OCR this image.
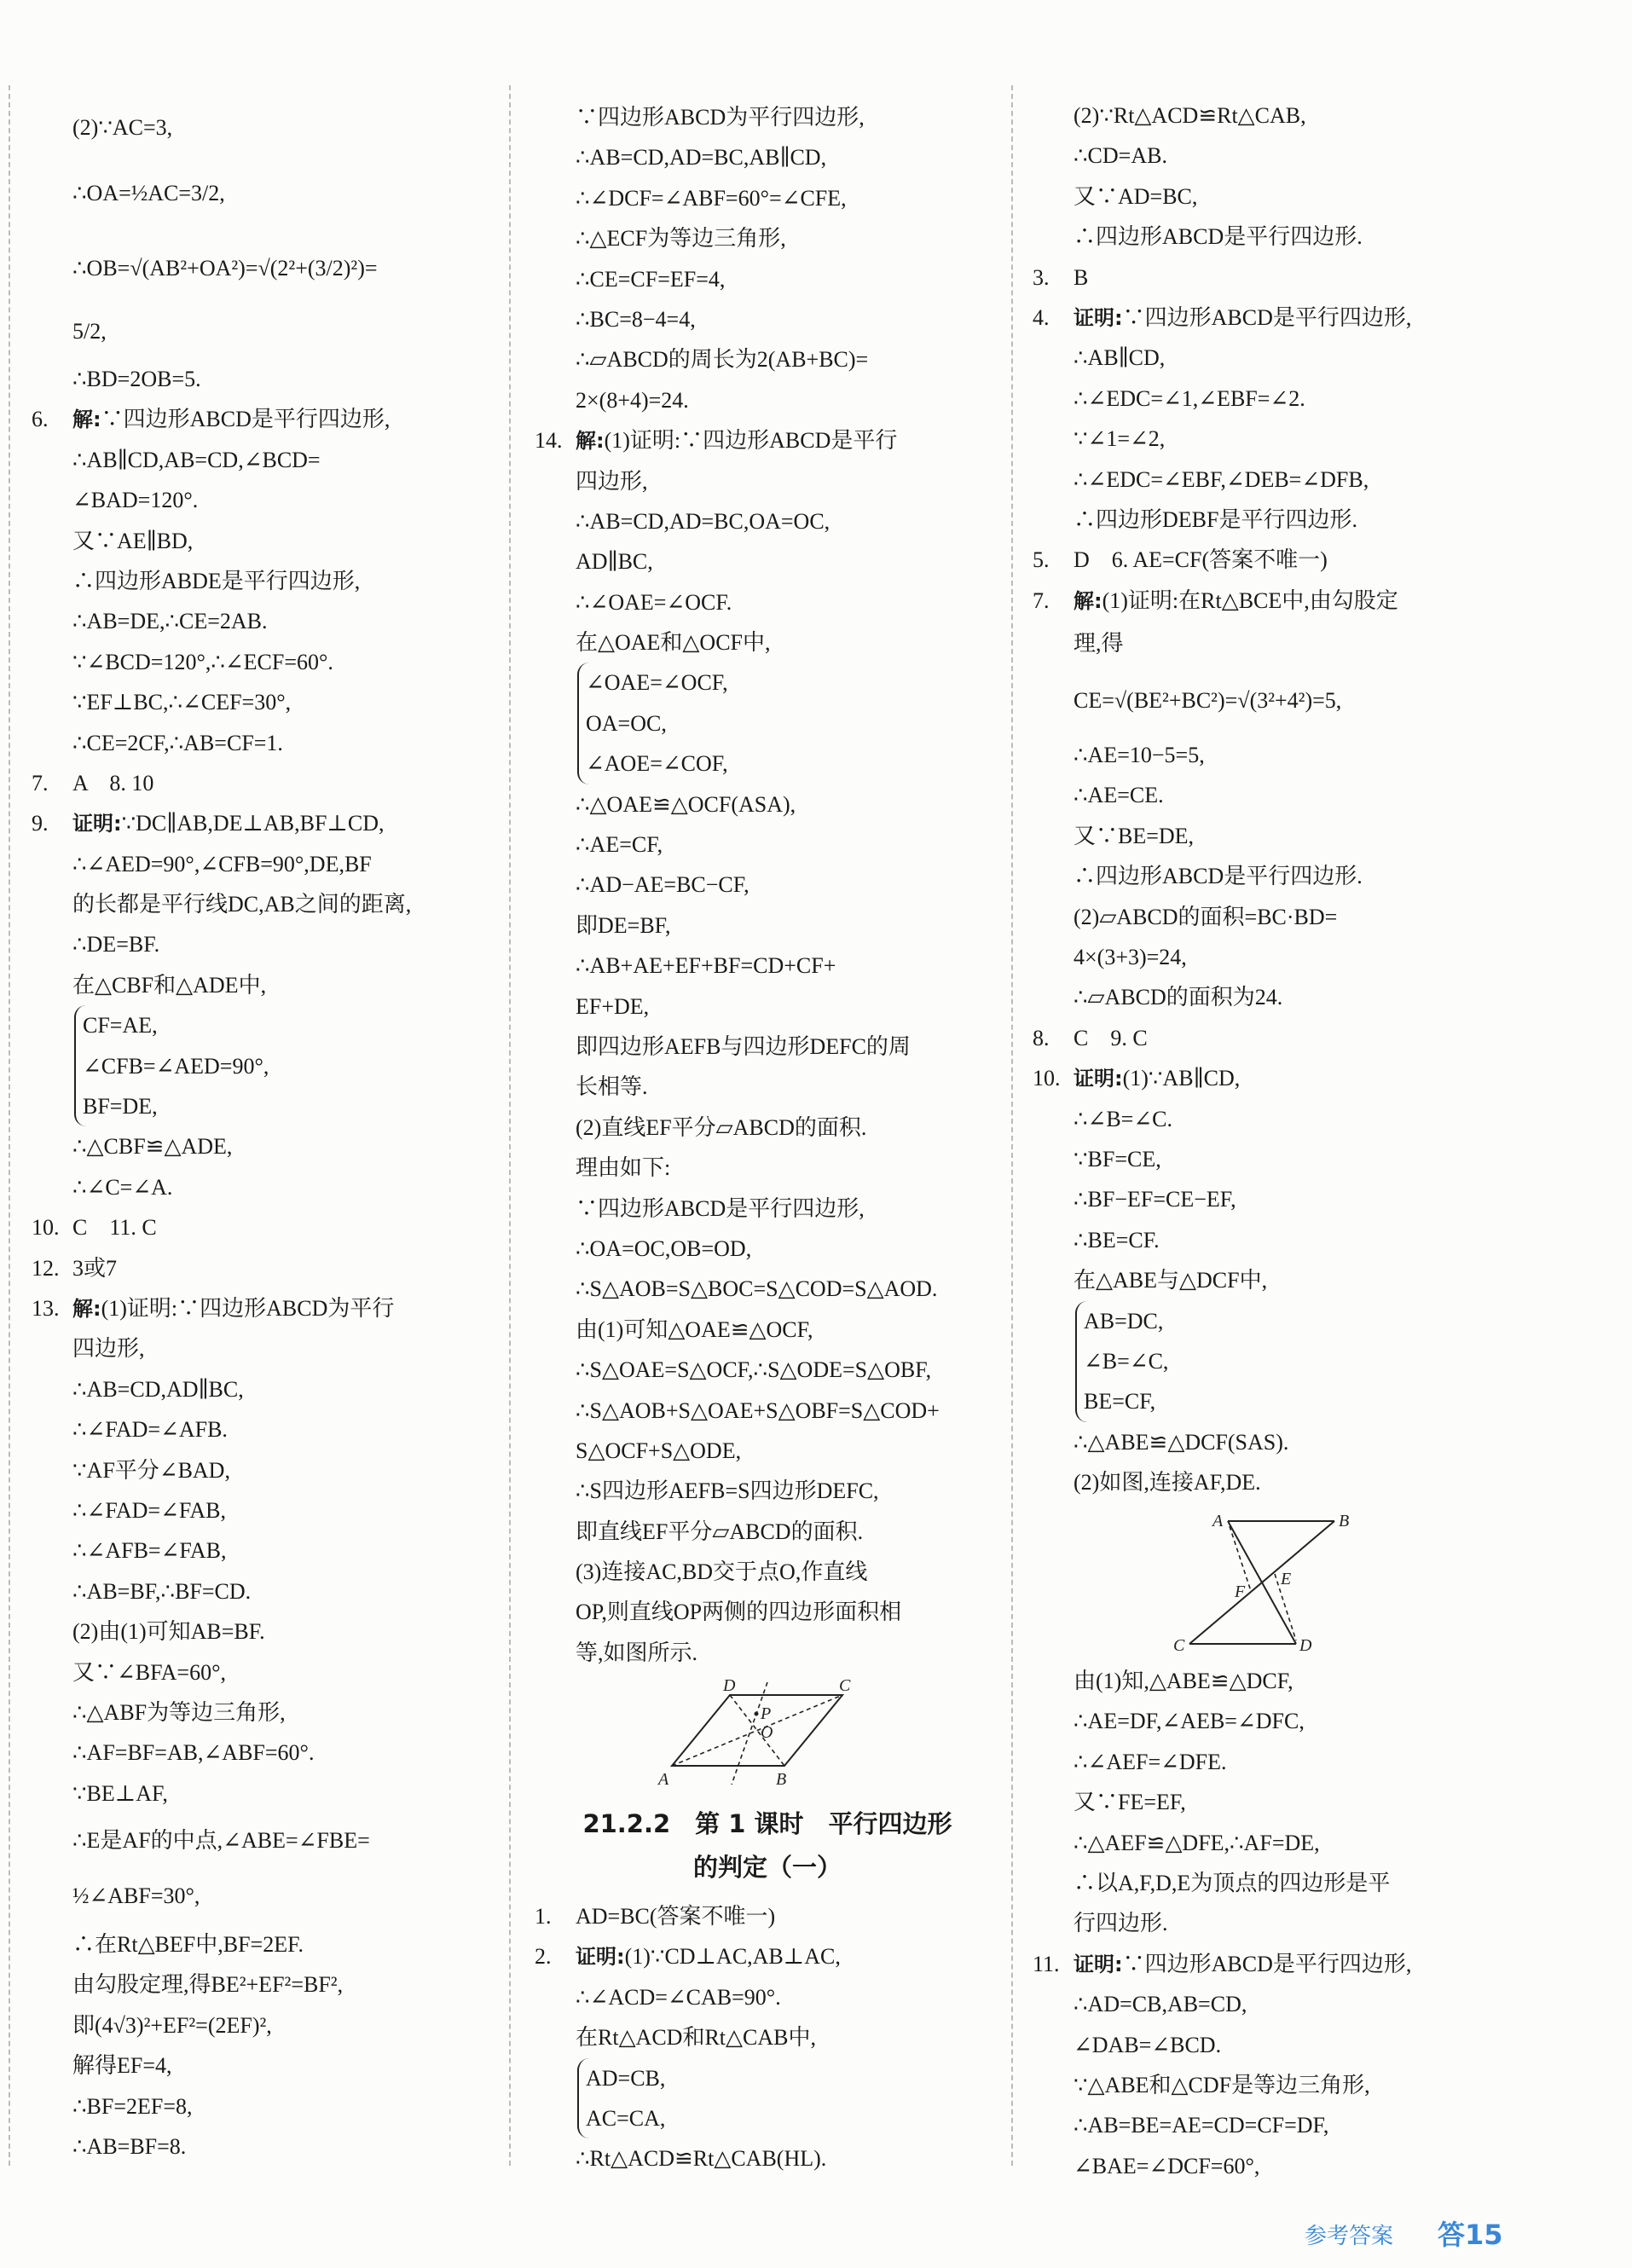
(2)∵AC=3,
∴OA=½AC=3/2,
∴OB=√(AB²+OA²)=√(2²+(3/2)²)=
5/2,
∴BD=2OB=5.
6. 解:∵四边形ABCD是平行四边形,
∴AB∥CD,AB=CD,∠BCD=
∠BAD=120°.
又∵AE∥BD,
∴四边形ABDE是平行四边形,
∴AB=DE,∴CE=2AB.
∵∠BCD=120°,∴∠ECF=60°.
∵EF⊥BC,∴∠CEF=30°,
∴CE=2CF,∴AB=CF=1.
7. A　8. 10
9. 证明:∵DC∥AB,DE⊥AB,BF⊥CD,
∴∠AED=90°,∠CFB=90°,DE,BF
的长都是平行线DC,AB之间的距离,
∴DE=BF.
在△CBF和△ADE中,
CF=AE,
∠CFB=∠AED=90°,
BF=DE,
∴△CBF≌△ADE,
∴∠C=∠A.
10. C　11. C
12. 3或7
13. 解:(1)证明:∵四边形ABCD为平行
四边形,
∴AB=CD,AD∥BC,
∴∠FAD=∠AFB.
∵AF平分∠BAD,
∴∠FAD=∠FAB,
∴∠AFB=∠FAB,
∴AB=BF,∴BF=CD.
(2)由(1)可知AB=BF.
又∵∠BFA=60°,
∴△ABF为等边三角形,
∴AF=BF=AB,∠ABF=60°.
∵BE⊥AF,
∴E是AF的中点,∠ABE=∠FBE=
½∠ABF=30°,
∴在Rt△BEF中,BF=2EF.
由勾股定理,得BE²+EF²=BF²,
即(4√3)²+EF²=(2EF)²,
解得EF=4,
∴BF=2EF=8,
∴AB=BF=8.
∵四边形ABCD为平行四边形,
∴AB=CD,AD=BC,AB∥CD,
∴∠DCF=∠ABF=60°=∠CFE,
∴△ECF为等边三角形,
∴CE=CF=EF=4,
∴BC=8−4=4,
∴▱ABCD的周长为2(AB+BC)=
2×(8+4)=24.
14. 解:(1)证明:∵四边形ABCD是平行
四边形,
∴AB=CD,AD=BC,OA=OC,
AD∥BC,
∴∠OAE=∠OCF.
在△OAE和△OCF中,
∠OAE=∠OCF,
OA=OC,
∠AOE=∠COF,
∴△OAE≌△OCF(ASA),
∴AE=CF,
∴AD−AE=BC−CF,
即DE=BF,
∴AB+AE+EF+BF=CD+CF+
EF+DE,
即四边形AEFB与四边形DEFC的周
长相等.
(2)直线EF平分▱ABCD的面积.
理由如下:
∵四边形ABCD是平行四边形,
∴OA=OC,OB=OD,
∴S△AOB=S△BOC=S△COD=S△AOD.
由(1)可知△OAE≌△OCF,
∴S△OAE=S△OCF,∴S△ODE=S△OBF,
∴S△AOB+S△OAE+S△OBF=S△COD+
S△OCF+S△ODE,
∴S四边形AEFB=S四边形DEFC,
即直线EF平分▱ABCD的面积.
(3)连接AC,BD交于点O,作直线
OP,则直线OP两侧的四边形面积相
等,如图所示.
A	B
C
D
O
P
21.2.2　第 1 课时　平行四边形
的判定（一）
1. AD=BC(答案不唯一)
2. 证明:(1)∵CD⊥AC,AB⊥AC,
∴∠ACD=∠CAB=90°.
在Rt△ACD和Rt△CAB中,
AD=CB,
AC=CA,
∴Rt△ACD≌Rt△CAB(HL).
(2)∵Rt△ACD≌Rt△CAB,
∴CD=AB.
又∵AD=BC,
∴四边形ABCD是平行四边形.
3. B
4. 证明:∵四边形ABCD是平行四边形,
∴AB∥CD,
∴∠EDC=∠1,∠EBF=∠2.
∵∠1=∠2,
∴∠EDC=∠EBF,∠DEB=∠DFB,
∴四边形DEBF是平行四边形.
5. D　6. AE=CF(答案不唯一)
7. 解:(1)证明:在Rt△BCE中,由勾股定
理,得
CE=√(BE²+BC²)=√(3²+4²)=5,
∴AE=10−5=5,
∴AE=CE.
又∵BE=DE,
∴四边形ABCD是平行四边形.
(2)▱ABCD的面积=BC·BD=
4×(3+3)=24,
∴▱ABCD的面积为24.
8. C　9. C
10. 证明:(1)∵AB∥CD,
∴∠B=∠C.
∵BF=CE,
∴BF−EF=CE−EF,
∴BE=CF.
在△ABE与△DCF中,
AB=DC,
∠B=∠C,
BE=CF,
∴△ABE≌△DCF(SAS).
(2)如图,连接AF,DE.
A	B
C	D
E
F
由(1)知,△ABE≌△DCF,
∴AE=DF,∠AEB=∠DFC,
∴∠AEF=∠DFE.
又∵FE=EF,
∴△AEF≌△DFE,∴AF=DE,
∴以A,F,D,E为顶点的四边形是平
行四边形.
11. 证明:∵四边形ABCD是平行四边形,
∴AD=CB,AB=CD,
∠DAB=∠BCD.
∵△ABE和△CDF是等边三角形,
∴AB=BE=AE=CD=CF=DF,
∠BAE=∠DCF=60°,
参考答案 答15
